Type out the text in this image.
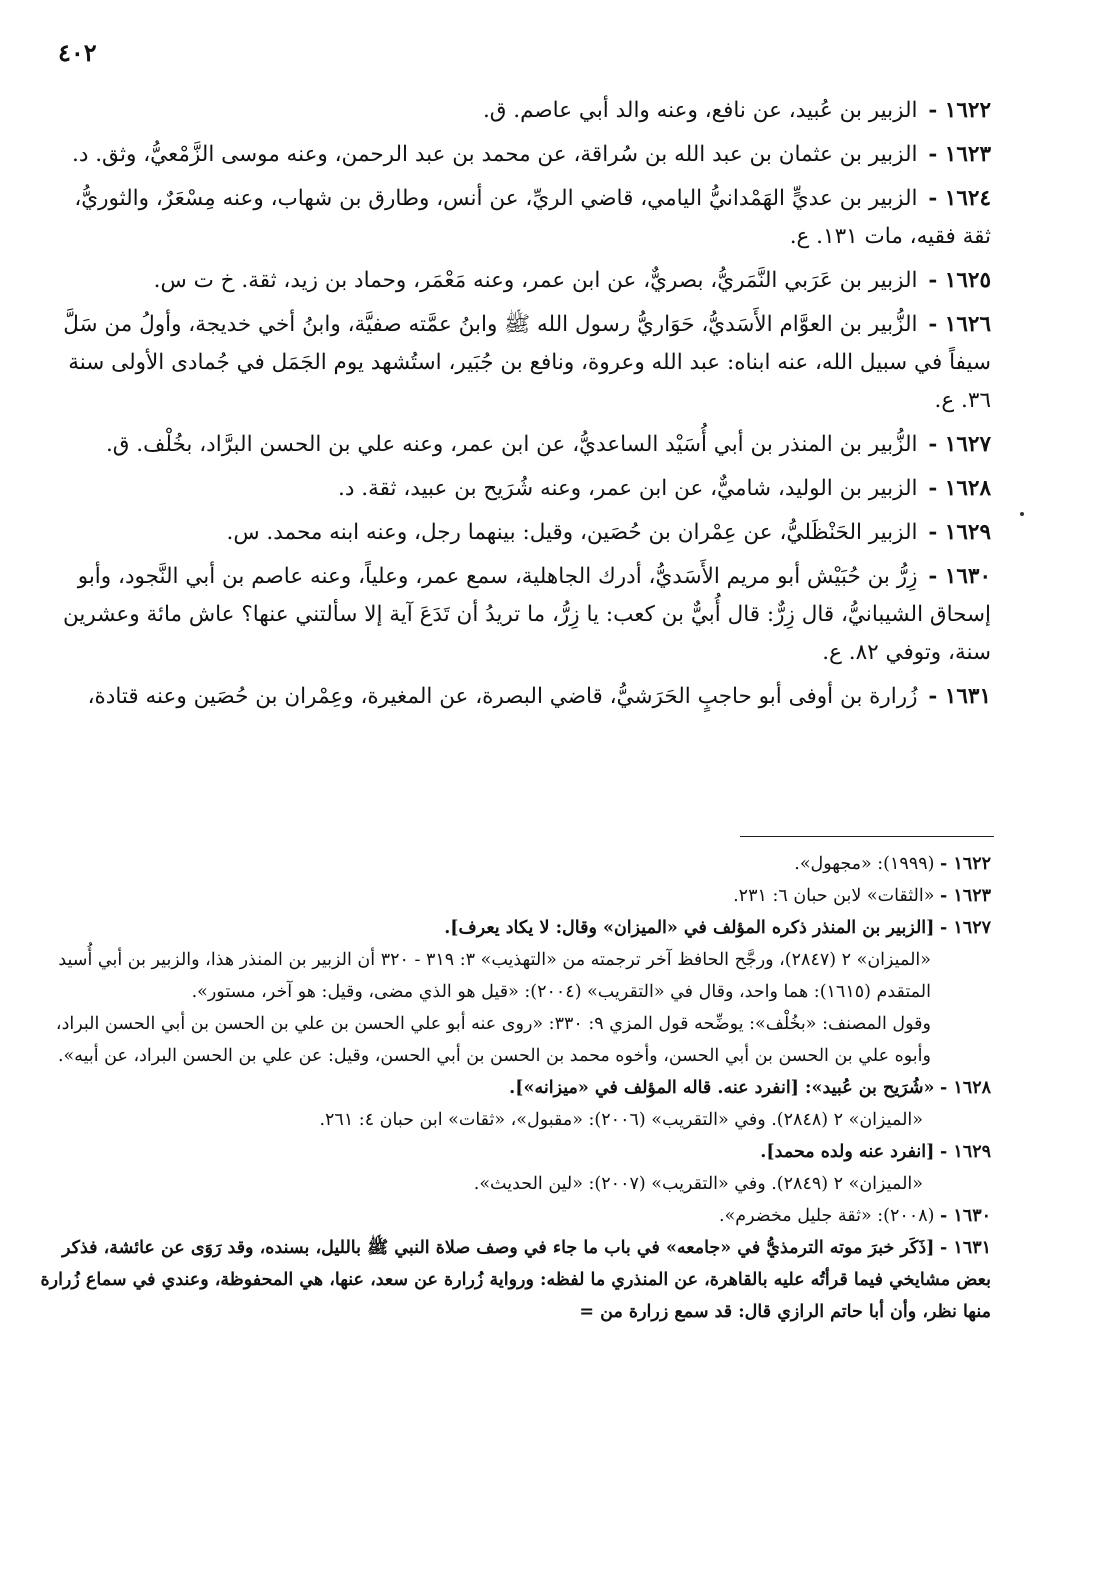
٤٠٢

١٦٢٢ - الزبير بن عُبيد، عن نافع، وعنه والد أبي عاصم. ق.

١٦٢٣ - الزبير بن عثمان بن عبد الله بن سُراقة، عن محمد بن عبد الرحمن، وعنه موسى الزَّمْعيُّ، وثق. د.

١٦٢٤ - الزبير بن عديٍّ الهَمْدانيُّ اليامي، قاضي الريِّ، عن أنس، وطارق بن شهاب، وعنه مِسْعَرٌ، والثوريُّ، ثقة فقيه، مات ١٣١. ع.

١٦٢٥ - الزبير بن عَرَبي النَّمَريُّ، بصريٌّ، عن ابن عمر، وعنه مَعْمَر، وحماد بن زيد، ثقة. خ ت س.

١٦٢٦ - الزُّبير بن العوَّام الأَسَديُّ، حَوَاريُّ رسول الله ﷺ وابنُ عمَّته صفيَّة، وابنُ أخي خديجة، وأولُ من سَلَّ سيفاً في سبيل الله، عنه ابناه: عبد الله وعروة، ونافع بن جُبَير، استُشهد يوم الجَمَل في جُمادى الأولى سنة ٣٦. ع.

١٦٢٧ - الزُّبير بن المنذر بن أبي أُسَيْد الساعديُّ، عن ابن عمر، وعنه علي بن الحسن البرَّاد، بخُلْف. ق.

١٦٢٨ - الزبير بن الوليد، شاميٌّ، عن ابن عمر، وعنه شُرَيح بن عبيد، ثقة. د.

١٦٢٩ - الزبير الحَنْظَليُّ، عن عِمْران بن حُصَين، وقيل: بينهما رجل، وعنه ابنه محمد. س.

١٦٣٠ - زِرُّ بن حُبَيْش أبو مريم الأَسَديُّ، أدرك الجاهلية، سمع عمر، وعلياً، وعنه عاصم بن أبي النَّجود، وأبو إسحاق الشيبانيُّ، قال زِرٌّ: قال أُبيٌّ بن كعب: يا زِرُّ، ما تريدُ أن تَدَعَ آية إلا سألتني عنها؟ عاش مائة وعشرين سنة، وتوفي ٨٢. ع.

١٦٣١ - زُرارة بن أوفى أبو حاجبٍ الحَرَشيُّ، قاضي البصرة، عن المغيرة، وعِمْران بن حُصَين وعنه قتادة،

١٦٢٢ - (١٩٩٩): «مجهول».
١٦٢٣ - «الثقات» لابن حبان ٦: ٢٣١.
١٦٢٧ - [الزبير بن المنذر ذكره المؤلف في «الميزان» وقال: لا يكاد يعرف].
«الميزان» ٢ (٢٨٤٧)، ورجَّح الحافظ آخر ترجمته من «التهذيب» ٣: ٣١٩ - ٣٢٠ أن الزبير بن المنذر هذا، والزبير بن أبي أُسيد المتقدم (١٦١٥): هما واحد، وقال في «التقريب» (٢٠٠٤): «قيل هو الذي مضى، وقيل: هو آخر، مستور».
وقول المصنف: «بخُلْف»: يوضِّحه قول المزي ٩: ٣٣٠: «روى عنه أبو علي الحسن بن علي بن الحسن بن أبي الحسن البراد، وأبوه علي بن الحسن بن أبي الحسن، وأخوه محمد بن الحسن بن أبي الحسن، وقيل: عن علي بن الحسن البراد، عن أبيه».
١٦٢٨ - «شُرَيح بن عُبيد»: [انفرد عنه. قاله المؤلف في «ميزانه»].
«الميزان» ٢ (٢٨٤٨). وفي «التقريب» (٢٠٠٦): «مقبول»، «ثقات» ابن حبان ٤: ٢٦١.
١٦٢٩ - [انفرد عنه ولده محمد].
«الميزان» ٢ (٢٨٤٩). وفي «التقريب» (٢٠٠٧): «لين الحديث».
١٦٣٠ - (٢٠٠٨): «ثقة جليل مخضرم».
١٦٣١ - [ذَكَر خبرَ موته الترمذيُّ في «جامعه» في باب ما جاء في وصف صلاة النبي ﷺ بالليل، بسنده، وقد رَوَى عن عائشة، فذكر بعض مشايخي فيما قرأتُه عليه بالقاهرة، عن المنذري ما لفظه: ورواية زُرارة عن سعد، عنها، هي المحفوظة، وعندي في سماع زُرارة منها نظر، وأن أبا حاتم الرازي قال: قد سمع زرارة من =
